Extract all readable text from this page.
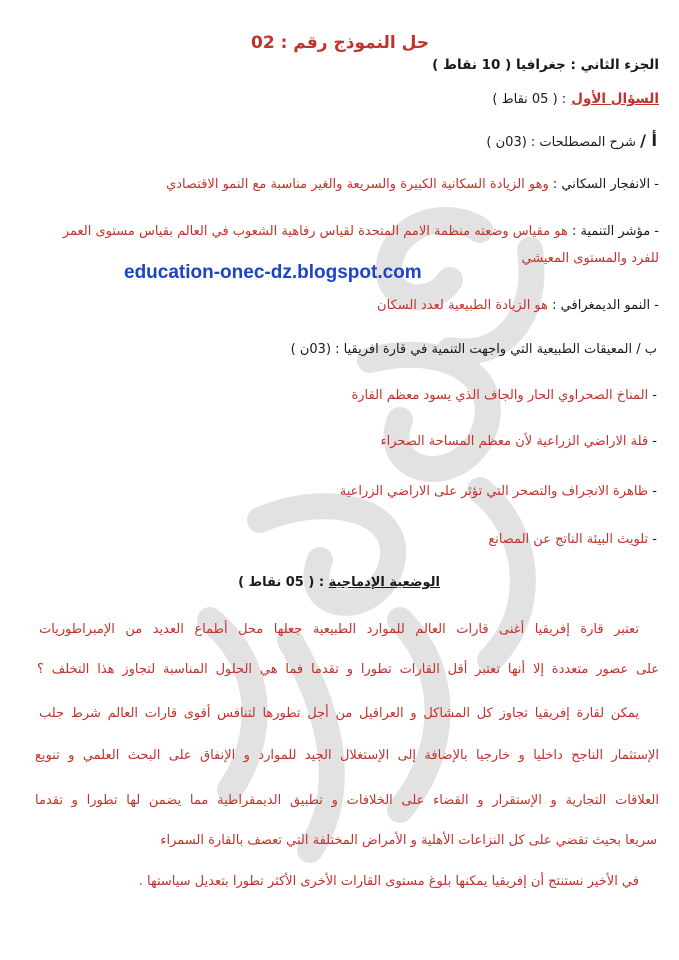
حل النموذج رقم : 02
الجزء الثاني : جغرافيا ( 10 نقاط )
السؤال الأول : ( 05 نقاط )
أ / شرح المصطلحات : (03ن )
- الانفجار السكاني : وهو الزيادة السكانية الكبيرة والسريعة والغير مناسبة مع النمو الاقتصادي
- مؤشر التنمية : هو مقياس وضعته منظمة الامم المتحدة لقياس رفاهية الشعوب في العالم بقياس مستوى العمر
للفرد والمستوى المعيشي
education-onec-dz.blogspot.com
- النمو الديمغرافي : هو الزيادة الطبيعية لعدد السكان
ب / المعيقات الطبيعية التي واجهت التنمية في قارة افريقيا : (03ن )
- المناخ الصحراوي الحار والجاف الذي يسود معظم القارة
- قلة الاراضي الزراعية لأن معظم المساحة الصحراء
- ظاهرة الانجراف والتصحر التي تؤثر على الاراضي الزراعية
- تلويث البيئة الناتج عن المصانع
الوضعية الإدماجية : ( 05 نقاط )
تعتبر قارة إفريقيا أغنى قارات العالم للموارد الطبيعية جعلها محل أطماع العديد من الإمبراطوريات
على عصور متعددة إلا أنها تعتبر أقل القارات تطورا و تقدما فما هي الحلول المناسبة لتجاوز هذا التخلف ؟
يمكن لقارة إفريقيا تجاوز كل المشاكل و العراقيل من أجل تطورها لتنافس أقوى قارات العالم شرط جلب
الإستثمار الناجح داخليا و خارجيا بالإضافة إلى الإستغلال الجيد للموارد و الإنفاق على البحث العلمي و تنويع
العلاقات التجارية و الإستقرار و القضاء على الخلافات و تطبيق الديمقراطية مما يضمن لها تطورا و تقدما
سريعا بحيث تقضي على كل النزاعات الأهلية و الأمراض المختلفة التي تعصف بالقارة السمراء
في الأخير نستنتج أن إفريقيا يمكنها بلوغ مستوى القارات الأخرى الأكثر تطورا بتعديل سياستها .
